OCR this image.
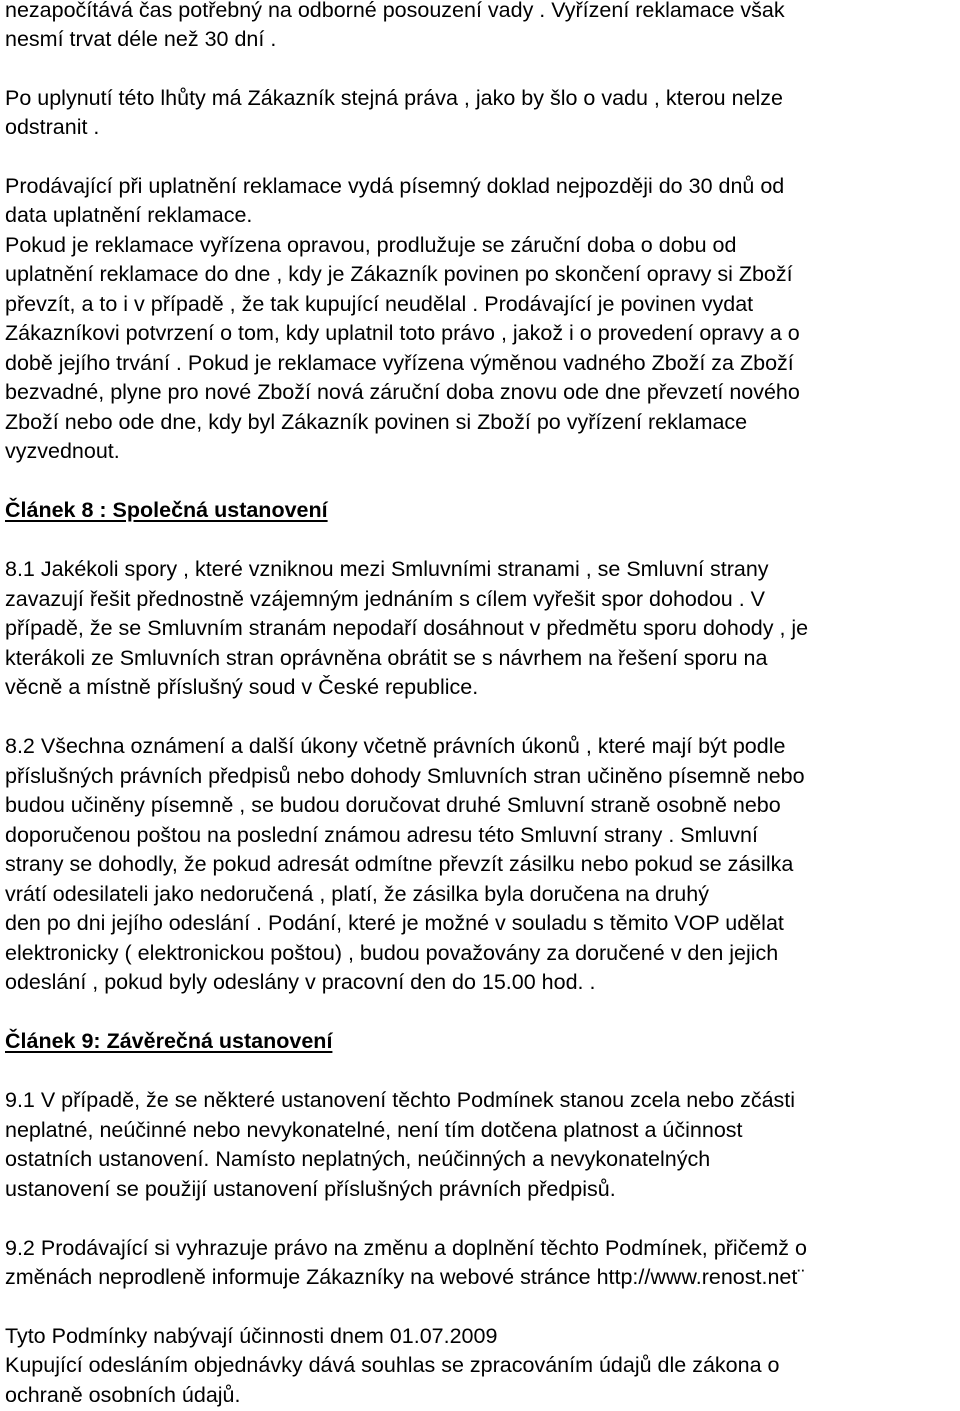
nezapočítává čas potřebný na odborné posouzení vady . Vyřízení reklamace však
nesmí trvat déle než 30 dní .
Po uplynutí této lhůty má Zákazník stejná práva , jako by šlo o vadu , kterou nelze
odstranit .
Prodávající při uplatnění reklamace vydá písemný doklad nejpozději do 30 dnů od
data uplatnění reklamace.
Pokud je reklamace vyřízena opravou, prodlužuje se záruční doba o dobu od
uplatnění reklamace do dne , kdy je Zákazník povinen po skončení opravy si Zboží
převzít, a to i v případě , že tak kupující neudělal . Prodávající je povinen vydat
Zákazníkovi potvrzení o tom, kdy uplatnil toto právo , jakož i o provedení opravy a o
době jejího trvání . Pokud je reklamace vyřízena výměnou vadného Zboží za Zboží
bezvadné, plyne pro nové Zboží nová záruční doba znovu ode dne převzetí nového
Zboží nebo ode dne, kdy byl Zákazník povinen si Zboží po vyřízení reklamace
vyzvednout.
Článek 8 : Společná ustanovení
8.1 Jakékoli spory , které vzniknou mezi Smluvními stranami , se Smluvní strany
zavazují řešit přednostně vzájemným jednáním s cílem vyřešit spor dohodou . V
případě, že se Smluvním stranám nepodaří dosáhnout v předmětu sporu dohody , je
kterákoli ze Smluvních stran oprávněna obrátit se s návrhem na řešení sporu na
věcně a místně příslušný soud v České republice.
8.2 Všechna oznámení a další úkony včetně právních úkonů , které mají být podle
příslušných právních předpisů nebo dohody Smluvních stran učiněno písemně nebo
budou učiněny písemně , se budou doručovat druhé Smluvní straně osobně nebo
doporučenou poštou na poslední známou adresu této Smluvní strany . Smluvní
strany se dohodly, že pokud adresát odmítne převzít zásilku nebo pokud se zásilka
vrátí odesilateli jako nedoručená , platí, že zásilka byla doručena na druhý
den po dni jejího odeslání . Podání, které je možné v souladu s těmito VOP udělat
elektronicky ( elektronickou poštou) , budou považovány za doručené v den jejich
odeslání , pokud byly odeslány v pracovní den do 15.00 hod. .
Článek 9: Závěrečná ustanovení
9.1 V případě, že se některé ustanovení těchto Podmínek stanou zcela nebo zčásti
neplatné, neúčinné nebo nevykonatelné, není tím dotčena platnost a účinnost
ostatních ustanovení. Namísto neplatných, neúčinných a nevykonatelných
ustanovení se použijí ustanovení příslušných právních předpisů.
9.2 Prodávající si vyhrazuje právo na změnu a doplnění těchto Podmínek, přičemž o
změnách neprodleně informuje Zákazníky na webové stránce http://www.renost.net¨
Tyto Podmínky nabývají účinnosti dnem 01.07.2009
Kupující odesláním objednávky dává souhlas se zpracováním údajů dle zákona o
ochraně osobních údajů.
